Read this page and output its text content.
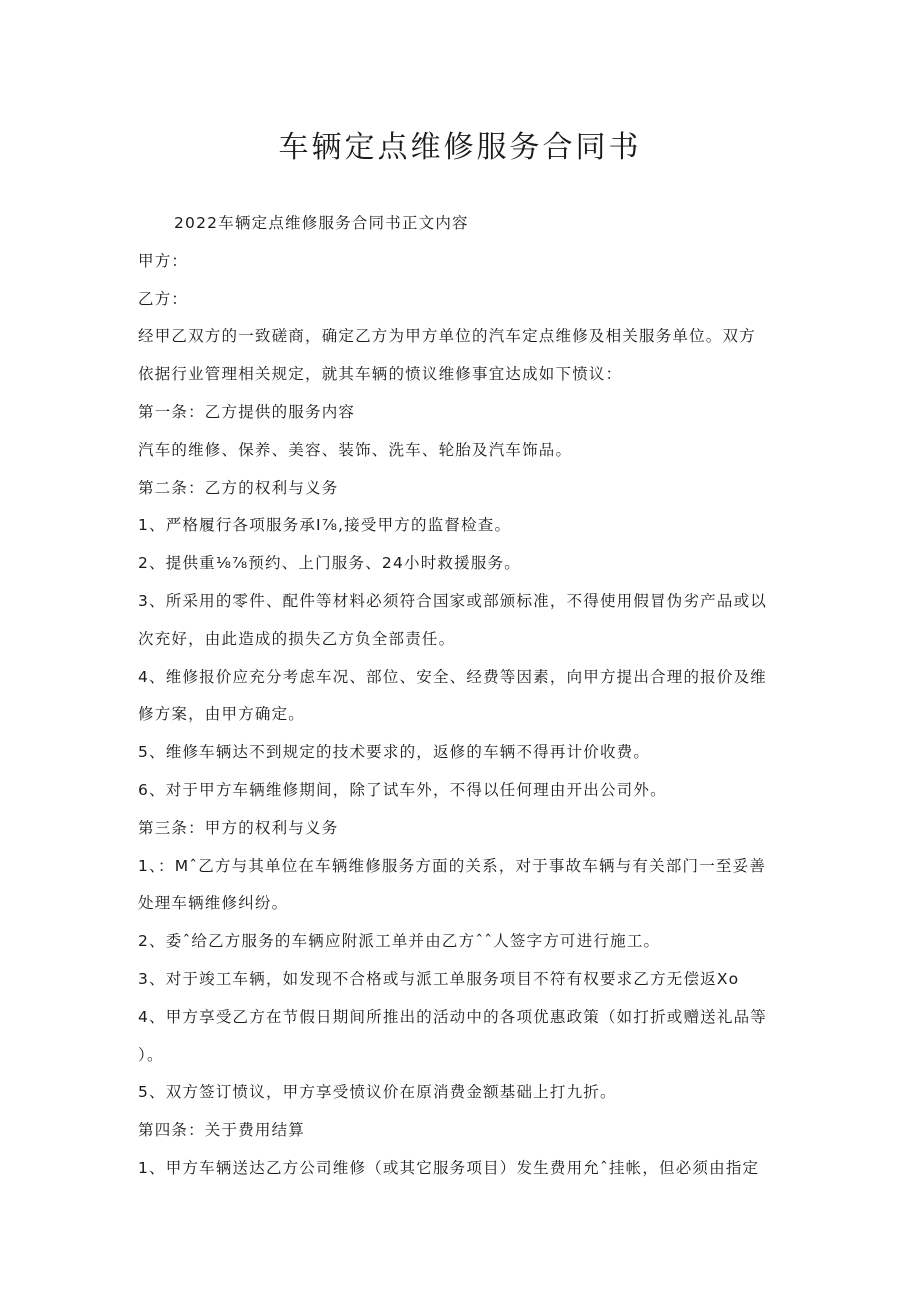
车辆定点维修服务合同书
2022车辆定点维修服务合同书正文内容
甲方：
乙方：
经甲乙双方的一致磋商，确定乙方为甲方单位的汽车定点维修及相关服务单位。双方
依据行业管理相关规定，就其车辆的愤议维修事宜达成如下愤议：
第一条：乙方提供的服务内容
汽车的维修、保养、美容、装饰、洗车、轮胎及汽车饰品。
第二条：乙方的权利与义务
1、严格履行各项服务承I⅞,接受甲方的监督检查。
2、提供重⅛⅞预约、上门服务、24小时救援服务。
3、所采用的零件、配件等材料必须符合国家或部颁标准，不得使用假冒伪劣产品或以
次充好，由此造成的损失乙方负全部责任。
4、维修报价应充分考虑车况、部位、安全、经费等因素，向甲方提出合理的报价及维
修方案，由甲方确定。
5、维修车辆达不到规定的技术要求的，返修的车辆不得再计价收费。
6、对于甲方车辆维修期间，除了试车外，不得以任何理由开出公司外。
第三条：甲方的权利与义务
1、：Mˆ乙方与其单位在车辆维修服务方面的关系，对于事故车辆与有关部门一至妥善
处理车辆维修纠纷。
2、委ˆ给乙方服务的车辆应附派工单并由乙方ˆˆ人签字方可进行施工。
3、对于竣工车辆，如发现不合格或与派工单服务项目不符有权要求乙方无偿返Xo
4、甲方享受乙方在节假日期间所推出的活动中的各项优惠政策（如打折或赠送礼品等
）。
5、双方签订愤议，甲方享受愤议价在原消费金额基础上打九折。
第四条：关于费用结算
1、甲方车辆送达乙方公司维修（或其它服务项目）发生费用允ˆ挂帐，但必须由指定
